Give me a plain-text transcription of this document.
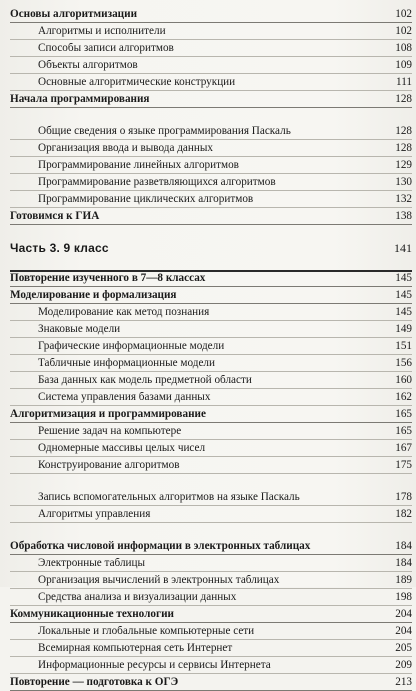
Основы алгоритмизации	102
Алгоритмы и исполнители	102
Способы записи алгоритмов	108
Объекты алгоритмов	109
Основные алгоритмические конструкции	111
Начала программирования	128
Общие сведения о языке программирования Паскаль	128
Организация ввода и вывода данных	128
Программирование линейных алгоритмов	129
Программирование разветвляющихся алгоритмов	130
Программирование циклических алгоритмов	132
Готовимся к ГИА	138
Часть 3. 9 класс	141
Повторение изученного в 7—8 классах	145
Моделирование и формализация	145
Моделирование как метод познания	145
Знаковые модели	149
Графические информационные модели	151
Табличные информационные модели	156
База данных как модель предметной области	160
Система управления базами данных	162
Алгоритмизация и программирование	165
Решение задач на компьютере	165
Одномерные массивы целых чисел	167
Конструирование алгоритмов	175
Запись вспомогательных алгоритмов на языке Паскаль	178
Алгоритмы управления	182
Обработка числовой информации в электронных таблицах	184
Электронные таблицы	184
Организация вычислений в электронных таблицах	189
Средства анализа и визуализации данных	198
Коммуникационные технологии	204
Локальные и глобальные компьютерные сети	204
Всемирная компьютерная сеть Интернет	205
Информационные ресурсы и сервисы Интернета	209
Повторение — подготовка к ОГЭ	213
